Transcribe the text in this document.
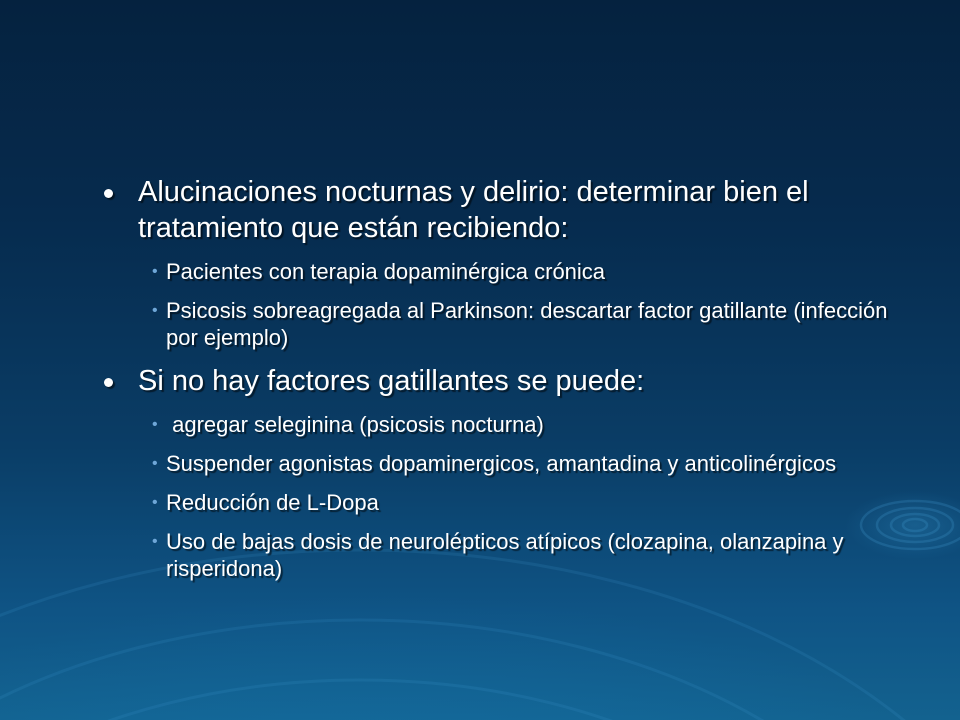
Alucinaciones nocturnas y delirio: determinar bien el tratamiento que están recibiendo:
• Pacientes con terapia dopaminérgica crónica
• Psicosis sobreagregada al Parkinson: descartar factor gatillante (infección por ejemplo)
Si no hay factores gatillantes se puede:
• agregar seleginina (psicosis nocturna)
• Suspender agonistas dopaminergicos, amantadina y anticolinérgicos
• Reducción de L-Dopa
• Uso de bajas dosis de neurolépticos atípicos (clozapina, olanzapina y risperidona)
